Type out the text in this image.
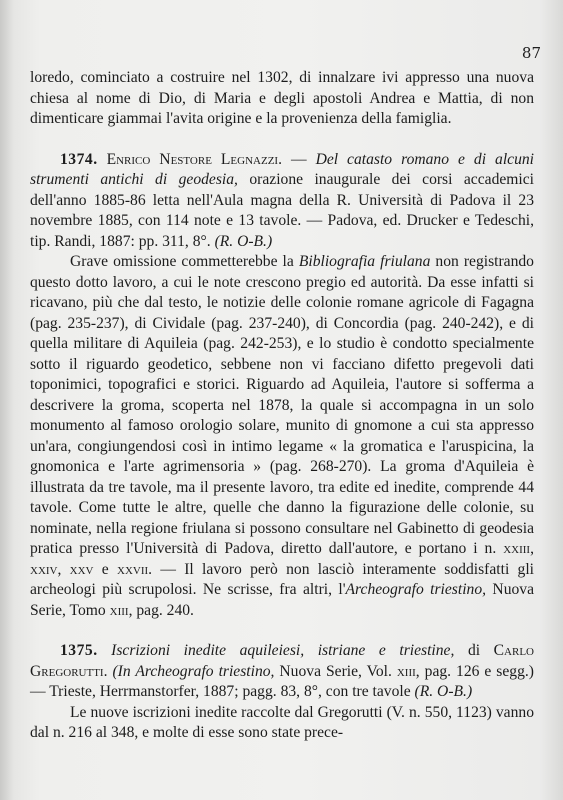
87

loredo, cominciato a costruire nel 1302, di innalzare ivi appresso una nuova chiesa al nome di Dio, di Maria e degli apostoli Andrea e Mattia, di non dimenticare giammai l'avita origine e la provenienza della famiglia.

1374. Enrico Nestore Legnazzi. — Del catasto romano e di alcuni strumenti antichi di geodesia, orazione inaugurale dei corsi accademici dell'anno 1885-86 letta nell'Aula magna della R. Università di Padova il 23 novembre 1885, con 114 note e 13 tavole. — Padova, ed. Drucker e Tedeschi, tip. Randi, 1887: pp. 311, 8°. (R. O-B.)

Grave omissione commetterebbe la Bibliografia friulana non registrando questo dotto lavoro, a cui le note crescono pregio ed autorità. Da esse infatti si ricavano, più che dal testo, le notizie delle colonie romane agricole di Fagagna (pag. 235-237), di Cividale (pag. 237-240), di Concordia (pag. 240-242), e di quella militare di Aquileia (pag. 242-253), e lo studio è condotto specialmente sotto il riguardo geodetico, sebbene non vi facciano difetto pregevoli dati toponimici, topografici e storici. Riguardo ad Aquileia, l'autore si sofferma a descrivere la groma, scoperta nel 1878, la quale si accompagna in un solo monumento al famoso orologio solare, munito di gnomone a cui sta appresso un'ara, congiungendosi così in intimo legame « la gromatica e l'aruspicina, la gnomonica e l'arte agrimensoria » (pag. 268-270). La groma d'Aquileia è illustrata da tre tavole, ma il presente lavoro, tra edite ed inedite, comprende 44 tavole. Come tutte le altre, quelle che danno la figurazione delle colonie, su nominate, nella regione friulana si possono consultare nel Gabinetto di geodesia pratica presso l'Università di Padova, diretto dall'autore, e portano i n. xxiii, xxiv, xxv e xxvii. — Il lavoro però non lasciò interamente soddisfatti gli archeologi più scrupolosi. Ne scrisse, fra altri, l'Archeografo triestino, Nuova Serie, Tomo xiii, pag. 240.

1375. Iscrizioni inedite aquileiesi, istriane e triestine, di Carlo Gregorutti. (In Archeografo triestino, Nuova Serie, Vol. xiii, pag. 126 e segg.) — Trieste, Herrmanstorfer, 1887; pagg. 83, 8°, con tre tavole (R. O-B.)

Le nuove iscrizioni inedite raccolte dal Gregorutti (V. n. 550, 1123) vanno dal n. 216 al 348, e molte di esse sono state prece-
